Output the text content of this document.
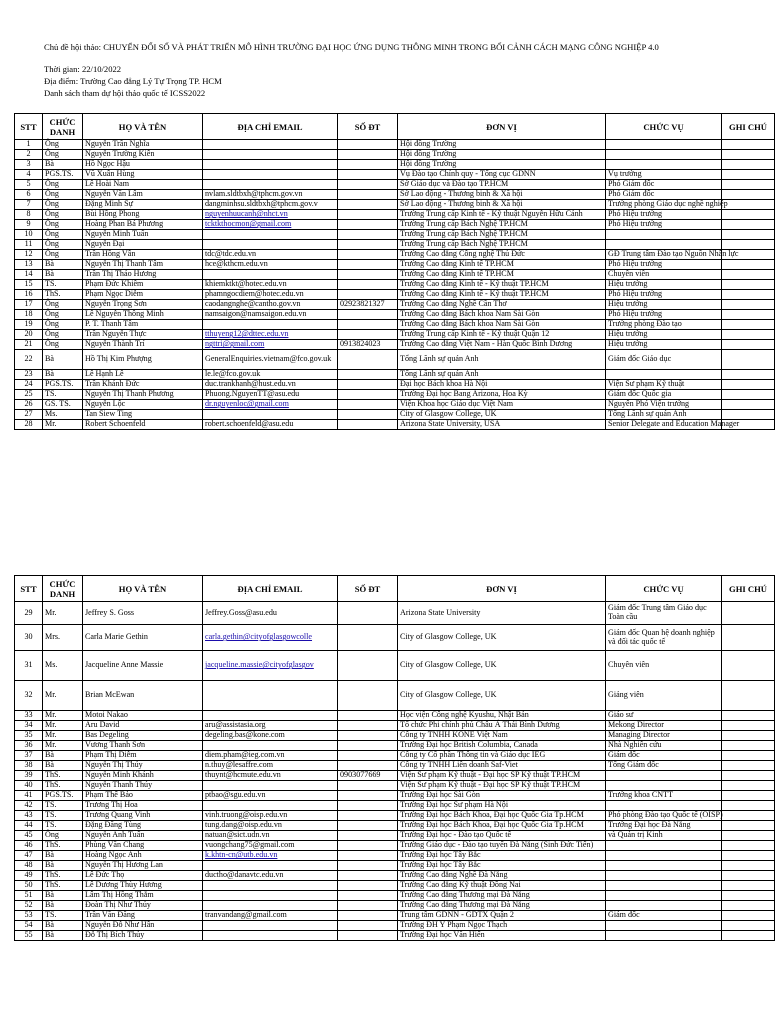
Chủ đề hội thảo: CHUYỂN ĐỔI SỐ VÀ PHÁT TRIỂN MÔ HÌNH TRƯỜNG ĐẠI HỌC ỨNG DỤNG THÔNG MINH TRONG BỐI CẢNH CÁCH MẠNG CÔNG NGHIỆP 4.0
Thời gian: 22/10/2022
Địa điểm: Trường Cao đẳng Lý Tự Trọng TP. HCM
Danh sách tham dự hội thảo quốc tế ICSS2022
STT	CHỨC DANH	HỌ VÀ TÊN	ĐỊA CHỈ EMAIL	SỐ ĐT	ĐƠN VỊ	CHỨC VỤ	GHI CHÚ
1	Ông	Nguyễn Trần Nghĩa			Hội đồng Trường		
2	Ông	Nguyễn Trường Kiên			Hội đồng Trường		
3	Bà	Hồ Ngọc Hậu			Hội đồng Trường		
4	PGS.TS.	Vũ Xuân Hùng			Vụ Đào tạo Chính quy - Tổng cục GDNN	Vụ trưởng	
5	Ông	Lê Hoài Nam			Sở Giáo dục và Đào tạo TP.HCM	Phó Giám đốc	
6	Ông	Nguyễn Văn Lâm	nvlam.sldtbxh@tphcm.gov.vn		Sở Lao động - Thương binh & Xã hội	Phó Giám đốc	
7	Ông	Đặng Minh Sự	dangminhsu.sldtbxh@tphcm.gov.v		Sở Lao động - Thương binh & Xã hội	Trưởng phòng Giáo dục nghề nghiệp	
8	Ông	Bùi Hồng Phong	nguyenhuucanh@nhct.vn		Trường Trung cấp Kinh tế - Kỹ thuật Nguyễn Hữu Cảnh	Phó Hiệu trưởng	
9	Ông	Hoàng Phan Bá Phương	tcktkthocmon@gmail.com		Trường Trung cấp Bách Nghệ TP.HCM	Phó Hiệu trưởng	
10	Ông	Nguyễn Minh Tuấn			Trường Trung cấp Bách Nghệ TP.HCM		
11	Ông	Nguyễn Đại			Trường Trung cấp Bách Nghệ TP.HCM		
12	Ông	Trần Hồng Vân	tdc@tdc.edu.vn		Trường Cao đẳng Công nghệ Thủ Đức	GĐ Trung tâm Đào tạo Nguồn Nhân lực	
13	Bà	Nguyễn Thị Thanh Tâm	hce@kthcm.edu.vn		Trường Cao đẳng Kinh tế TP.HCM	Phó Hiệu trưởng	
14	Bà	Trần Thị Thảo Hương			Trường Cao đẳng Kinh tế TP.HCM	Chuyên viên	
15	TS.	Phạm Đức Khiêm	khiemktkt@hotec.edu.vn		Trường Cao đẳng Kinh tế - Kỹ thuật TP.HCM	Hiệu trưởng	
16	ThS.	Phạm Ngọc Diễm	phamngocdiem@hotec.edu.vn		Trường Cao đẳng Kinh tế - Kỹ thuật TP.HCM	Phó Hiệu trưởng	
17	Ông	Nguyễn Trọng Sơn	caodangnghe@cantho.gov.vn	02923821327	Trường Cao đẳng Nghề Cần Thơ	Hiệu trưởng	
18	Ông	Lê Nguyễn Thông Minh	namsaigon@namsaigon.edu.vn		Trường Cao đẳng Bách khoa Nam Sài Gòn	Phó Hiệu trưởng	
19	Ông	P. T. Thanh Tâm			Trường Cao đẳng Bách khoa Nam Sài Gòn	Trưởng phòng Đào tạo	
20	Ông	Trần Nguyễn Thực	tthuyeng12@dttec.edu.vn		Trường Trung cấp Kinh tế - Kỹ thuật Quận 12	Hiệu trưởng	
21	Ông	Nguyễn Thành Trí	ngttri@gmail.com	0913824023	Trường Cao đẳng Việt Nam - Hàn Quốc Bình Dương	Hiệu trưởng	
22	Bà	Hồ Thị Kim Phượng	GeneralEnquiries.vietnam@fco.gov.uk		Tổng Lãnh sự quán Anh	Giám đốc Giáo dục	
23	Bà	Lê Hạnh Lê	le.le@fco.gov.uk		Tổng Lãnh sự quán Anh		
24	PGS.TS.	Trần Khánh Đức	duc.trankhanh@hust.edu.vn		Đại học Bách khoa Hà Nội	Viện Sư phạm Kỹ thuật	
25	TS.	Nguyễn Thị Thanh Phương	Phuong.NguyenTT@asu.edu		Trường Đại học Bang Arizona, Hoa Kỳ	Giám đốc Quốc gia	
26	GS. TS.	Nguyễn Lộc	dr.nguyenloc@gmail.com		Viện Khoa học Giáo dục Việt Nam	Nguyên Phó Viện trưởng	
27	Ms.	Tan Siew Ting			City of Glasgow College, UK	Tổng Lãnh sự quán Anh	
28	Mr.	Robert Schoenfeld	robert.schoenfeld@asu.edu		Arizona State University, USA	Senior Delegate and Education Manager	
STT	CHỨC DANH	HỌ VÀ TÊN	ĐỊA CHỈ EMAIL	SỐ ĐT	ĐƠN VỊ	CHỨC VỤ	GHI CHÚ
29	Mr.	Jeffrey S. Goss	Jeffrey.Goss@asu.edu		Arizona State University	Giám đốc Trung tâm Giáo dục Toàn cầu	
30	Mrs.	Carla Marie Gethin	carla.gethin@cityofglasgowcolle		City of Glasgow College, UK	Giám đốc Quan hệ doanh nghiệp và đối tác quốc tế	
31	Ms.	Jacqueline Anne Massie	jacqueline.massie@cityofglasgov		City of Glasgow College, UK	Chuyên viên	
32	Mr.	Brian McEwan			City of Glasgow College, UK	Giảng viên	
33	Mr.	Motoi Nakao			Học viện Công nghệ Kyushu, Nhật Bản	Giáo sư	
34	Mr.	Aru David	aru@assistasia.org		Tổ chức Phi chính phủ Châu Á Thái Bình Dương	Mekong Director	
35	Mr.	Bas Degeling	degeling.bas@kone.com		Công ty TNHH KONE Việt Nam	Managing Director	
36	Mr.	Vương Thanh Sơn			Trường Đại học British Columbia, Canada	Nhà Nghiên cứu	
37	Bà	Phạm Thị Diễm	diem.pham@ieg.com.vn		Công ty Cổ phần Thông tin và Giáo dục IEG	Giám đốc	
38	Bà	Nguyễn Thị Thúy	n.thuy@lesaffre.com		Công ty TNHH Liên doanh Saf-Viet	Tổng Giám đốc	
39	ThS.	Nguyễn Minh Khánh	thuynt@hcmute.edu.vn	0903077669	Viện Sư phạm Kỹ thuật - Đại học SP Kỹ thuật TP.HCM		
40	ThS.	Nguyễn Thanh Thúy			Viện Sư phạm Kỹ thuật - Đại học SP Kỹ thuật TP.HCM		
41	PGS.TS.	Phạm Thế Bảo	ptbao@sgu.edu.vn		Trường Đại học Sài Gòn	Trưởng khoa CNTT	
42	TS.	Trương Thị Hoa			Trường Đại học Sư phạm Hà Nội		
43	TS.	Trương Quang Vinh	vinh.truong@oisp.edu.vn		Trường Đại học Bách Khoa, Đại học Quốc Gia Tp.HCM	Phó phòng Đào tạo Quốc tế (OISP)	
44	TS.	Đặng Đăng Tùng	tung.dang@oisp.edu.vn		Trường Đại học Bách Khoa, Đại học Quốc Gia Tp.HCM	Trưởng Đại học Đà Nẵng	
45	Ông	Nguyễn Anh Tuấn	natuan@sict.udn.vn		Trường Đại học - Đào tạo Quốc tế	và Quản trị Kinh	
46	ThS.	Phùng Văn Chang	vuongchang75@gmail.com		Trường Giáo dục - Đào tạo tuyến Đà Nẵng (Sinh Đức Tiến)		
47	Bà	Hoàng Ngọc Anh	k.khtn-cn@utb.edu.vn		Trường Đại học Tây Bắc		
48	Bà	Nguyễn Thị Hương Lan			Trường Đại học Tây Bắc		
49	ThS.	Lê Đức Thọ	ductho@danavtc.edu.vn		Trường Cao đẳng Nghề Đà Nẵng		
50	ThS.	Lê Dương Thùy Hương			Trường Cao đẳng Kỹ thuật Đồng Nai		
51	Bà	Lâm Thị Hồng Thắm			Trường Cao đẳng Thương mại Đà Nẵng		
52	Bà	Đoàn Thị Như Thủy			Trường Cao đẳng Thương mại Đà Nẵng		
53	TS.	Trần Văn Đăng	tranvandang@gmail.com		Trung tâm GDNN - GDTX Quận 2	Giám đốc	
54	Bà	Nguyễn Đỗ Như Hân			Trường ĐH Y Phạm Ngọc Thạch		
55	Bà	Đỗ Thị Bích Thủy			Trường Đại học Văn Hiến		
